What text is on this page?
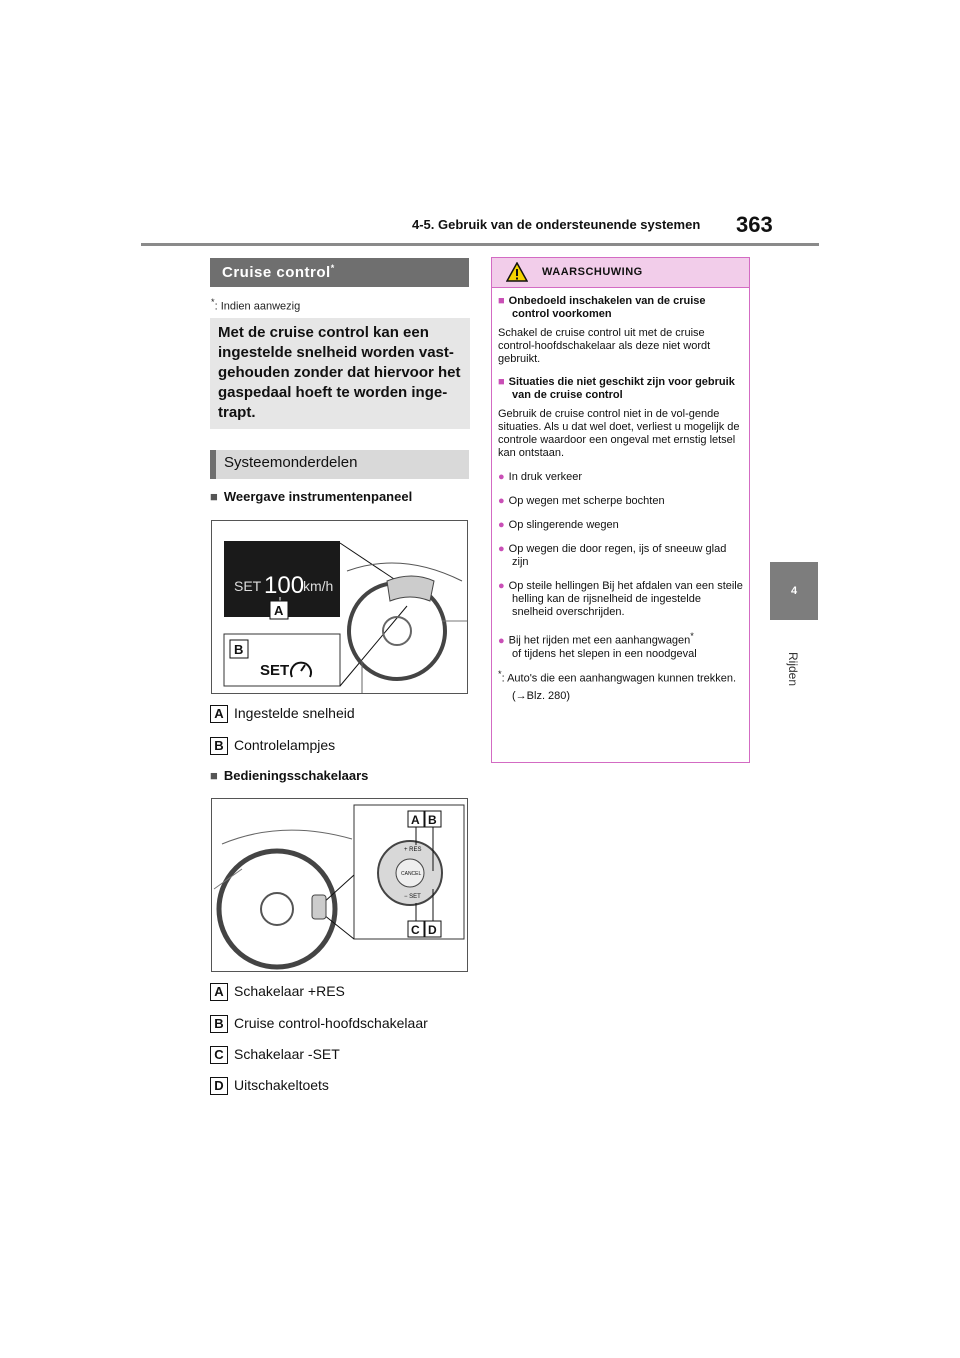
4-5. Gebruik van de ondersteunende systemen 363
4
Rijden
Cruise control*
*: Indien aanwezig
Met de cruise control kan een ingestelde snelheid worden vast-gehouden zonder dat hiervoor het gaspedaal hoeft te worden inge-trapt.
Systeemonderdelen
■ Weergave instrumentenpaneel
SET 100
km/h
A
B
SET
A Ingestelde snelheid
B Controlelampjes
■ Bedieningsschakelaars
+ RES
CANCEL
− SET
A B
C D
A Schakelaar +RES
B Cruise control-hoofdschakelaar
C Schakelaar -SET
D Uitschakeltoets
WAARSCHUWING
■ Onbedoeld inschakelen van de cruise control voorkomen
Schakel de cruise control uit met de cruise control-hoofdschakelaar als deze niet wordt gebruikt.
■ Situaties die niet geschikt zijn voor gebruik van de cruise control
Gebruik de cruise control niet in de vol-gende situaties. Als u dat wel doet, verliest u mogelijk de controle waardoor een ongeval met ernstig letsel kan ontstaan.
● In druk verkeer
● Op wegen met scherpe bochten
● Op slingerende wegen
● Op wegen die door regen, ijs of sneeuw glad zijn
● Op steile hellingen Bij het afdalen van een steile helling kan de rijsnelheid de ingestelde snelheid overschrijden.
● Bij het rijden met een aanhangwagen*
of tijdens het slepen in een noodgeval
*: Auto's die een aanhangwagen kunnen trekken. (→Blz. 280)
